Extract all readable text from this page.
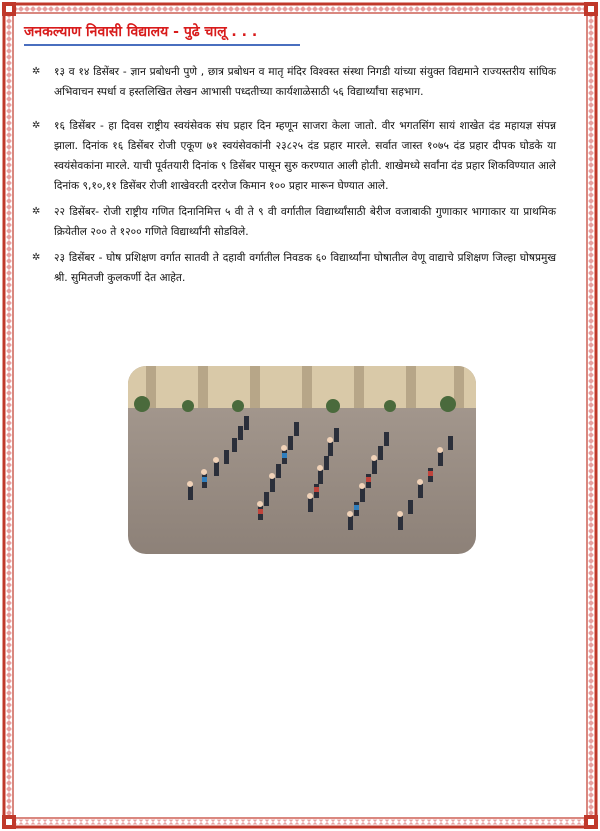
जनकल्याण निवासी विद्यालय - पुढे चालू . . .
✲	१३ व १४ डिसेंबर - ज्ञान प्रबोधनी पुणे , छात्र प्रबोधन व मातृ मंदिर विश्वस्त संस्था निगडी यांच्या संयुक्त विद्यमाने राज्यस्तरीय सांघिक अभिवाचन स्पर्धा व हस्तलिखित लेखन आभासी पध्दतीच्या कार्यशाळेसाठी ५६ विद्यार्थ्यांचा सहभाग.
✲	१६ डिसेंबर - हा दिवस राष्ट्रीय स्वयंसेवक संघ प्रहार दिन म्हणून साजरा केला जातो. वीर भगतसिंग सायं शाखेत दंड महायज्ञ संपन्न झाला. दिनांक १६ डिसेंबर रोजी एकूण ७१ स्वयंसेवकांनी २३८२५ दंड प्रहार मारले. सर्वात जास्त १०७५ दंड प्रहार दीपक घोडके या स्वयंसेवकांना मारले. याची पूर्वतयारी दिनांक ९ डिसेंबर पासून सुरु करण्यात आली होती. शाखेमध्ये सर्वांना दंड प्रहार शिकविण्यात आले दिनांक ९,१०,११ डिसेंबर रोजी शाखेवरती दररोज किमान १०० प्रहार मारून घेण्यात आले.
✲	२२ डिसेंबर- रोजी राष्ट्रीय गणित दिनानिमित्त ५ वी ते ९ वी वर्गातील विद्यार्थ्यांसाठी बेरीज वजाबाकी गुणाकार भागाकार या प्राथमिक क्रियेतील २०० ते १२०० गणिते विद्यार्थ्यांनी सोडविले.
✲	२३ डिसेंबर - घोष प्रशिक्षण वर्गात सातवी ते दहावी वर्गातील निवडक ६० विद्यार्थ्यांना घोषातील वेणू वाद्याचे प्रशिक्षण जिल्हा घोषप्रमुख श्री. सुमितजी कुलकर्णी देत आहेत.
